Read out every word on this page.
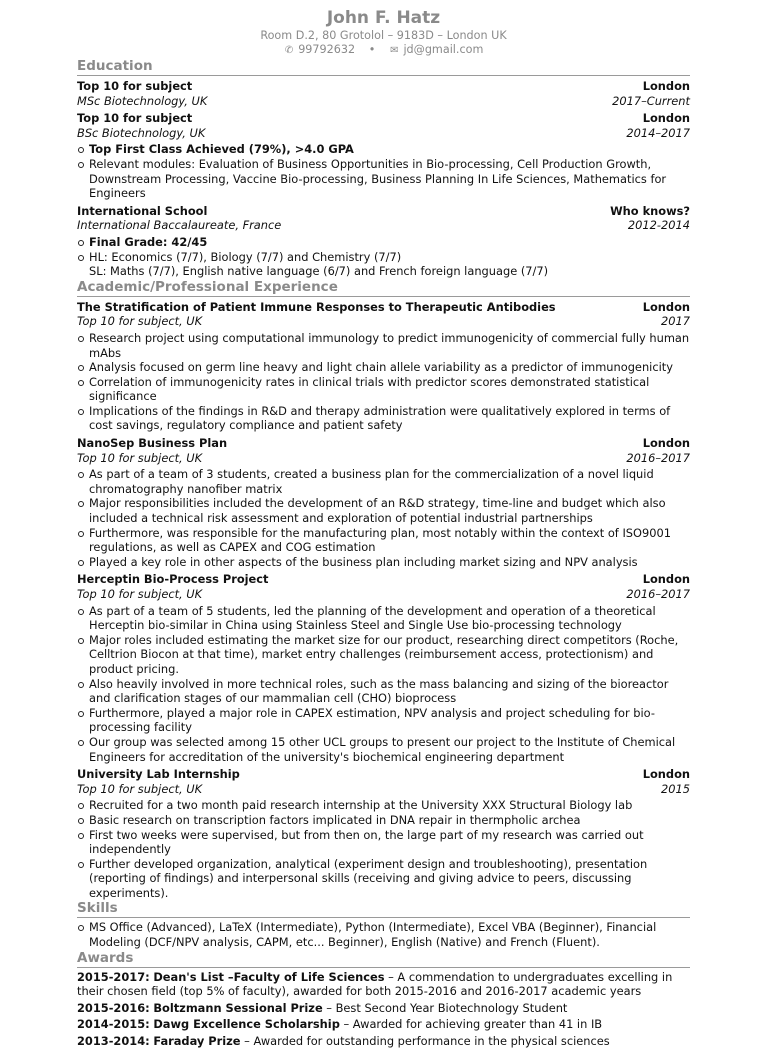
John F. Hatz
Room D.2, 80 Grotolol – 9183D – London UK
✆ 99792632 • ✉ jd@gmail.com
Education
Top 10 for subject	London
MSc Biotechnology, UK	2017–Current
Top 10 for subject	London
BSc Biotechnology, UK	2014–2017
Top First Class Achieved (79%), >4.0 GPA
Relevant modules: Evaluation of Business Opportunities in Bio-processing, Cell Production Growth, Downstream Processing, Vaccine Bio-processing, Business Planning In Life Sciences, Mathematics for Engineers
International School	Who knows?
International Baccalaureate, France	2012-2014
Final Grade: 42/45
HL: Economics (7/7), Biology (7/7) and Chemistry (7/7)
SL: Maths (7/7), English native language (6/7) and French foreign language (7/7)
Academic/Professional Experience
The Stratification of Patient Immune Responses to Therapeutic Antibodies	London
Top 10 for subject, UK	2017
Research project using computational immunology to predict immunogenicity of commercial fully human mAbs
Analysis focused on germ line heavy and light chain allele variability as a predictor of immunogenicity
Correlation of immunogenicity rates in clinical trials with predictor scores demonstrated statistical significance
Implications of the findings in R&D and therapy administration were qualitatively explored in terms of cost savings, regulatory compliance and patient safety
NanoSep Business Plan	London
Top 10 for subject, UK	2016–2017
As part of a team of 3 students, created a business plan for the commercialization of a novel liquid chromatography nanofiber matrix
Major responsibilities included the development of an R&D strategy, time-line and budget which also included a technical risk assessment and exploration of potential industrial partnerships
Furthermore, was responsible for the manufacturing plan, most notably within the context of ISO9001 regulations, as well as CAPEX and COG estimation
Played a key role in other aspects of the business plan including market sizing and NPV analysis
Herceptin Bio-Process Project	London
Top 10 for subject, UK	2016–2017
As part of a team of 5 students, led the planning of the development and operation of a theoretical Herceptin bio-similar in China using Stainless Steel and Single Use bio-processing technology
Major roles included estimating the market size for our product, researching direct competitors (Roche, Celltrion Biocon at that time), market entry challenges (reimbursement access, protectionism) and product pricing.
Also heavily involved in more technical roles, such as the mass balancing and sizing of the bioreactor and clarification stages of our mammalian cell (CHO) bioprocess
Furthermore, played a major role in CAPEX estimation, NPV analysis and project scheduling for bio-processing facility
Our group was selected among 15 other UCL groups to present our project to the Institute of Chemical Engineers for accreditation of the university's biochemical engineering department
University Lab Internship	London
Top 10 for subject, UK	2015
Recruited for a two month paid research internship at the University XXX Structural Biology lab
Basic research on transcription factors implicated in DNA repair in thermpholic archea
First two weeks were supervised, but from then on, the large part of my research was carried out independently
Further developed organization, analytical (experiment design and troubleshooting), presentation (reporting of findings) and interpersonal skills (receiving and giving advice to peers, discussing experiments).
Skills
MS Office (Advanced), LaTeX (Intermediate), Python (Intermediate), Excel VBA (Beginner), Financial Modeling (DCF/NPV analysis, CAPM, etc... Beginner), English (Native) and French (Fluent).
Awards
2015-2017: Dean's List –Faculty of Life Sciences – A commendation to undergraduates excelling in their chosen field (top 5% of faculty), awarded for both 2015-2016 and 2016-2017 academic years
2015-2016: Boltzmann Sessional Prize – Best Second Year Biotechnology Student
2014-2015: Dawg Excellence Scholarship – Awarded for achieving greater than 41 in IB
2013-2014: Faraday Prize – Awarded for outstanding performance in the physical sciences
